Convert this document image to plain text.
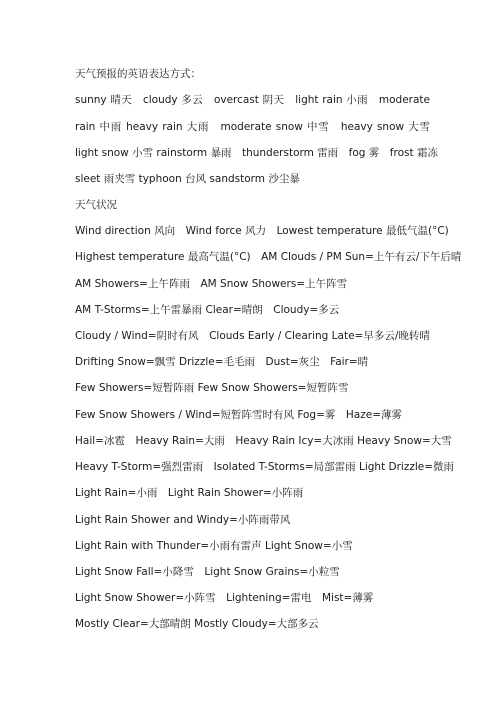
天气预报的英语表达方式：
sunny 晴天　cloudy 多云　overcast 阴天　light rain 小雨　moderate
rain 中雨 heavy rain 大雨　moderate snow 中雪　heavy snow 大雪
light snow 小雪 rainstorm 暴雨　thunderstorm 雷雨　fog 雾　frost 霜冻
sleet 雨夹雪 typhoon 台风 sandstorm 沙尘暴
天气状况
Wind direction 风向　Wind force 风力　Lowest temperature 最低气温(°C)
Highest temperature 最高气温(°C)　AM Clouds / PM Sun=上午有云/下午后晴
AM Showers=上午阵雨　AM Snow Showers=上午阵雪
AM T-Storms=上午雷暴雨 Clear=晴朗　Cloudy=多云
Cloudy / Wind=阴时有风　Clouds Early / Clearing Late=早多云/晚转晴
Drifting Snow=飘雪 Drizzle=毛毛雨　Dust=灰尘　Fair=晴
Few Showers=短暂阵雨 Few Snow Showers=短暂阵雪
Few Snow Showers / Wind=短暂阵雪时有风 Fog=雾　Haze=薄雾
Hail=冰雹　Heavy Rain=大雨　Heavy Rain Icy=大冰雨 Heavy Snow=大雪
Heavy T-Storm=强烈雷雨　Isolated T-Storms=局部雷雨 Light Drizzle=微雨
Light Rain=小雨　Light Rain Shower=小阵雨
Light Rain Shower and Windy=小阵雨带风
Light Rain with Thunder=小雨有雷声 Light Snow=小雪
Light Snow Fall=小降雪　Light Snow Grains=小粒雪
Light Snow Shower=小阵雪　Lightening=雷电　Mist=薄雾
Mostly Clear=大部晴朗 Mostly Cloudy=大部多云
